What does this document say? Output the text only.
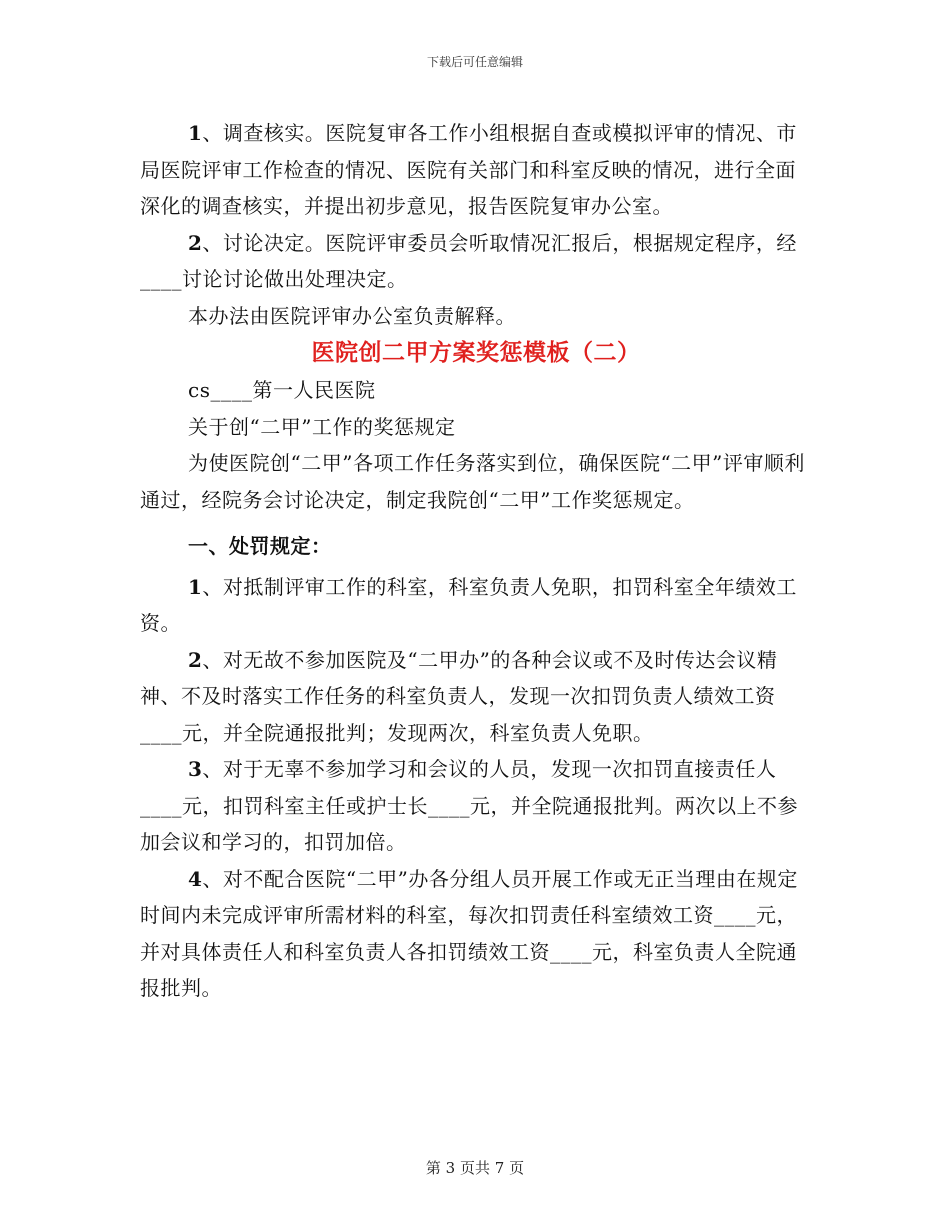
下载后可任意编辑

1、调查核实。医院复审各工作小组根据自查或模拟评审的情况、市局医院评审工作检查的情况、医院有关部门和科室反映的情况，进行全面深化的调查核实，并提出初步意见，报告医院复审办公室。

2、讨论决定。医院评审委员会听取情况汇报后，根据规定程序，经____讨论讨论做出处理决定。

本办法由医院评审办公室负责解释。

医院创二甲方案奖惩模板（二）

cs____第一人民医院

关于创“二甲”工作的奖惩规定

为使医院创“二甲”各项工作任务落实到位，确保医院“二甲”评审顺利通过，经院务会讨论决定，制定我院创“二甲”工作奖惩规定。

一、处罚规定：

1、对抵制评审工作的科室，科室负责人免职，扣罚科室全年绩效工资。

2、对无故不参加医院及“二甲办”的各种会议或不及时传达会议精神、不及时落实工作任务的科室负责人，发现一次扣罚负责人绩效工资____元，并全院通报批判；发现两次，科室负责人免职。

3、对于无辜不参加学习和会议的人员，发现一次扣罚直接责任人____元，扣罚科室主任或护士长____元，并全院通报批判。两次以上不参加会议和学习的，扣罚加倍。

4、对不配合医院“二甲”办各分组人员开展工作或无正当理由在规定时间内未完成评审所需材料的科室，每次扣罚责任科室绩效工资____元，并对具体责任人和科室负责人各扣罚绩效工资____元，科室负责人全院通报批判。

第 3 页共 7 页
